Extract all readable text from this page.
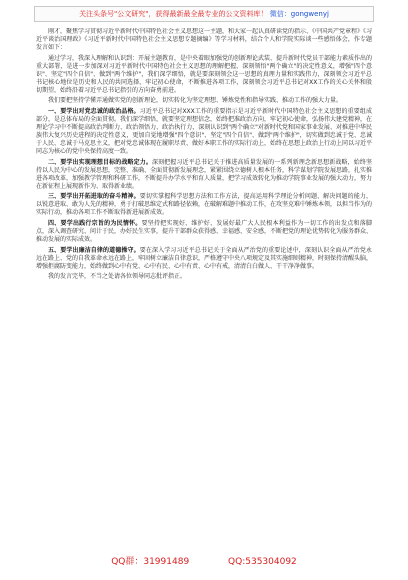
关注头条号"公文研究"，获得最新最全最专业的公文资料库！ 微信：gongwenyj

刚才，聚焦学习贯彻习近平新时代中国特色社会主义思想这一主题，和大家一起认真研读党的指示、《中国共产党章程》《习近平谈治国理政》《习近平新时代中国特色社会主义思想专题摘编》等学习材料，结合个人和学院实际谈一些感悟体会，作专题发言如下：

通过学习，我深入理解和认识到：开展主题教育，是中央着眼加强党的创新理论武装、提升新时代党员干部能力素质作出的重大部署，是进一步加深对习近平新时代中国特色社会主义思想的理解把握，深刻领悟"两个确立"的决定性意义，增强"四个意识"、坚定"四个自信"、做到"两个维护"，我们深学细悟，就是要深刻领会这一思想的真理力量和实践伟力，深刻领会习近平总书记核心地位是历史和人民的共同选择，牢记初心使命，不断推进各项工作，深刻领会习近平总书记对XX工作的关心关怀和殷切期望，始终沿着习近平总书记指引的方向奋勇前进。

我们要把坚持学懂弄通做实党的创新理论，切实转化为坚定理想、锤炼党性和指导实践、推动工作的强大力量。

一、要学出对党忠诚的政治品格。习近平总书记对XXX工作的重要指示是习近平新时代中国特色社会主义思想的重要组成部分，是总体布局的全面贯彻。我们深学细悟，就要坚定理想信念，始终把准政治方向，牢记初心使命，弘扬伟大建党精神，在理论学习中不断提高政治判断力、政治领悟力、政治执行力，深刻认识到"两个确立"对新时代党和国家事业发展、对推进中华民族伟大复兴历史进程的决定性意义，更加自觉地增强"四个意识"、坚定"四个自信"、做到"两个维护"，切实做到忠诚于党、忠诚于人民、忠诚于马克思主义，把对党忠诚体现在履职尽责、做好本职工作的实际行动上，始终在思想上政治上行动上同以习近平同志为核心的党中央保持高度一致。

二、要学出实现理想目标的战略定力。深刻把握习近平总书记关于推进高质量发展的一系列新理念新思想新战略，始终坚持以人民为中心的发展思想，完整、准确、全面贯彻新发展理念，紧紧围绕立德树人根本任务，科学谋划学院发展思路，扎实推进各项改革，加强教学管理和科研工作，不断提升办学水平和育人质量，把学习成效转化为推动学院事业发展的强大动力，努力在新征程上展现新作为、取得新业绩。

三、要学出开拓进取的奋斗精神。要切实掌握科学思想方法和工作方法，提高运用科学理论分析问题、解决问题的能力，以锐意进取、敢为人先的精神，勇于打破思维定式和路径依赖，在破解难题中推动工作，在攻坚克难中锤炼本领，以担当作为的实际行动，推动各项工作不断取得新进展新成效。

四、要学出践行宗旨的为民情怀。要坚持把实现好、维护好、发展好最广大人民根本利益作为一切工作的出发点和落脚点，深入调查研究、问计于民，办好民生实事，提升干部群众获得感、幸福感、安全感，不断把党的理论优势转化为服务群众、推动发展的实际成效。

五、要学出廉洁自律的道德操守。要在深入学习习近平总书记关于全面从严治党的重要论述中，深刻认识全面从严治党永远在路上、党的自我革命永远在路上，牢固树立廉洁自律意识，严格遵守中央八项规定及其实施细则精神，时刻保持清醒头脑，增强拒腐防变能力，始终做到心中有党、心中有民、心中有责、心中有戒，清清白白做人、干干净净做事。

我的发言完毕，不当之处请各位领导同志批评指正。

QQ群：31991489	QQ:535304092
